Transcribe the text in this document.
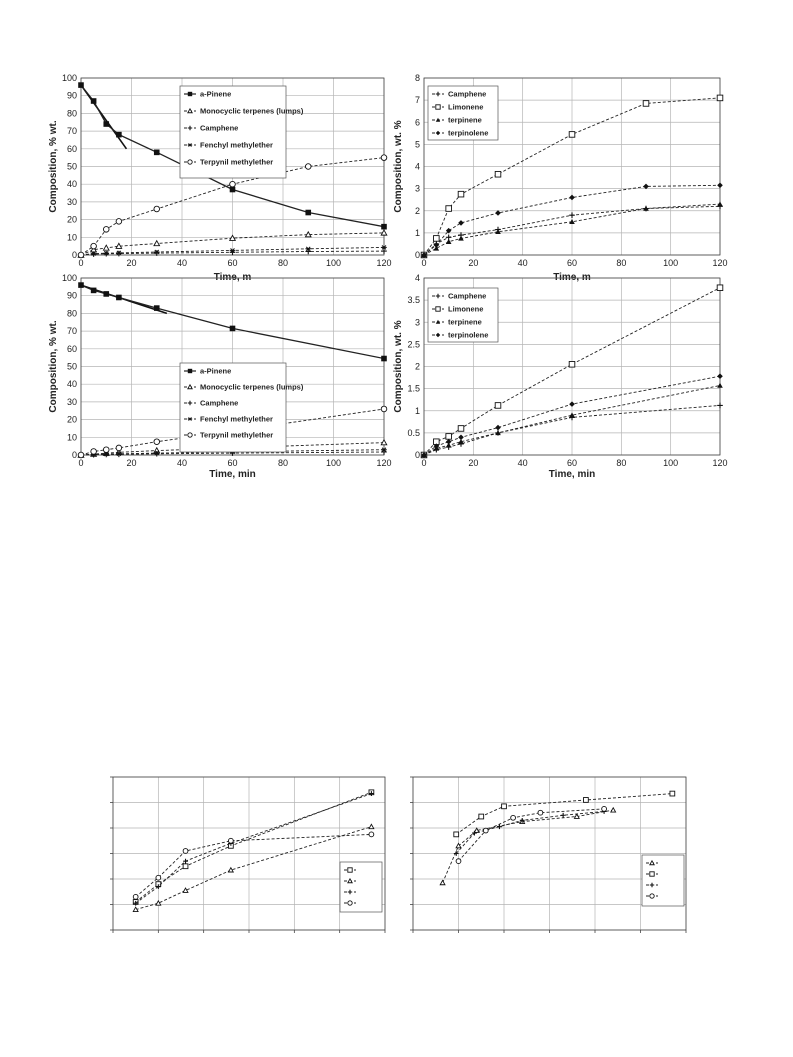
0	20	40	60	80	100	120
0
10
20
30
40
50
60
70
80
90
100
Time, m
Composition, % wt.
a-Pinene
Monocyclic terpenes (lumps)
Camphene
Fenchyl methylether
Terpynil methylether
0	20	40	60	80	100	120
0
1
2
3
4
5
6
7
8
Time, m
Composition, wt. %
Camphene
Limonene
terpinene
terpinolene
0	20	40	60	80	100	120
0
10
20
30
40
50
60
70
80
90
100
Time, min
Composition, % wt.	a-Pinene
Monocyclic terpenes (lumps)
Camphene
Fenchyl methylether
Terpynil methylether
0	20	40	60	80	100	120
0
0.5
1
1.5
2
2.5
3
3.5
4
Time, min
Composition, wt. %
Camphene
Limonene
terpinene
terpinolene
